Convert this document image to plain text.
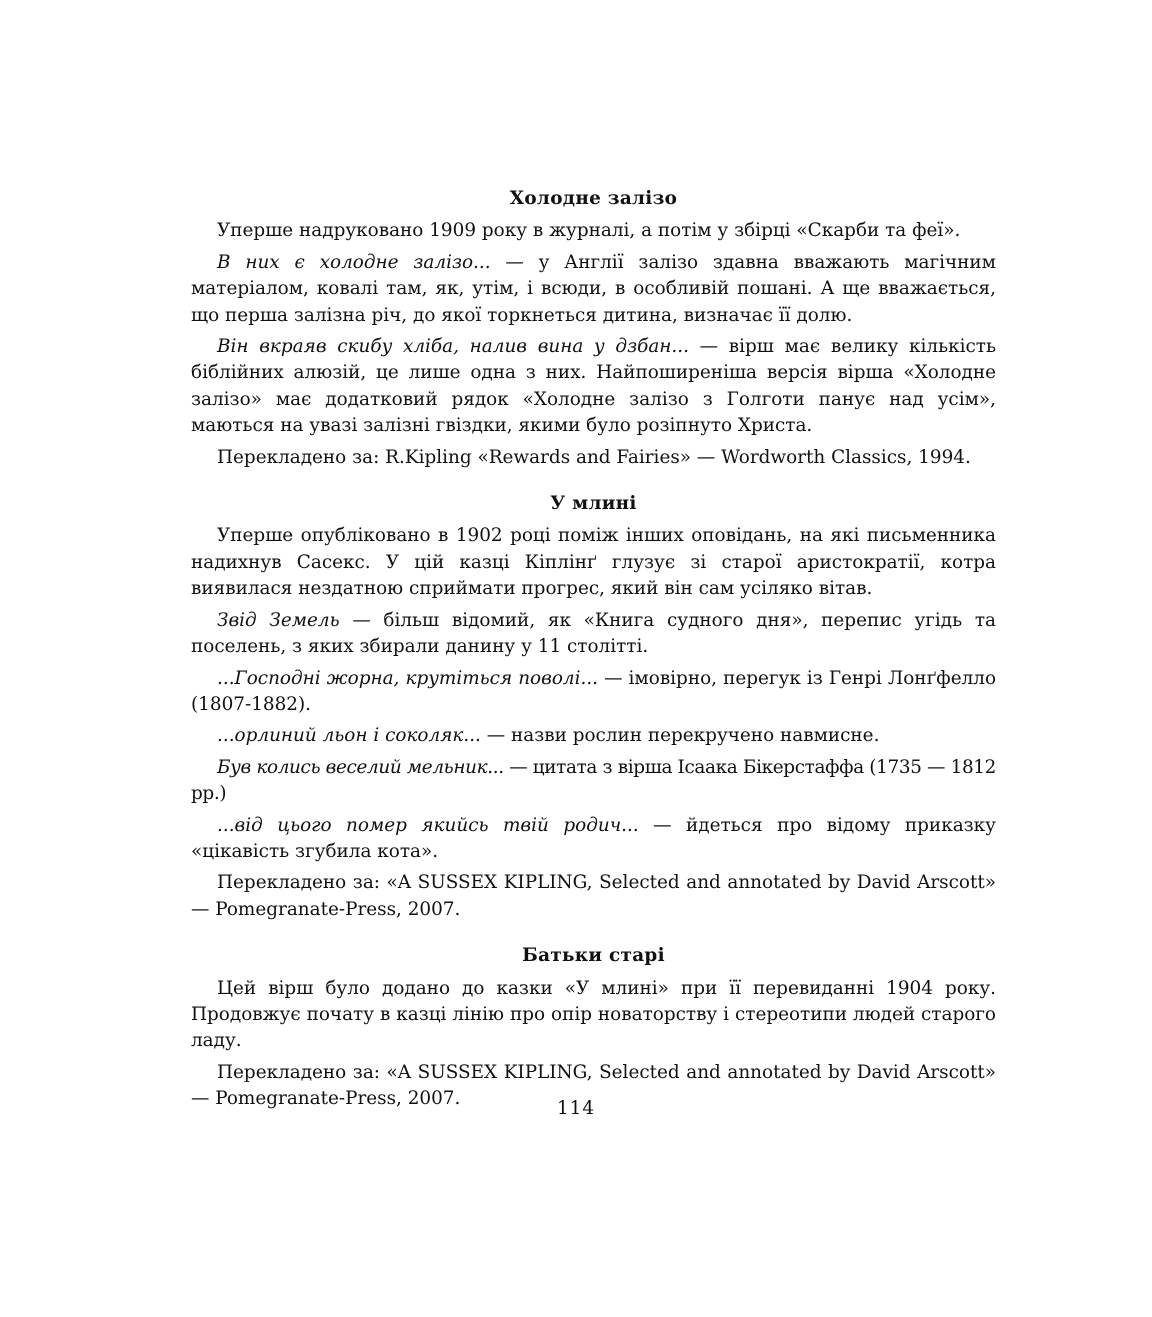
Холодне залізо

Уперше надруковано 1909 року в журналі, а потім у збірці «Скарби та феї».

В них є холодне залізо... — у Англії залізо здавна вважають магічним матеріалом, ковалі там, як, утім, і всюди, в особливій пошані. А ще вважається, що перша залізна річ, до якої торкнеться дитина, визначає її долю.

Він вкраяв скибу хліба, налив вина у дзбан... — вірш має велику кількість біблійних алюзій, це лише одна з них. Найпоширеніша версія вірша «Холодне залізо» має додатковий рядок «Холодне залізо з Голготи панує над усім», маються на увазі залізні гвіздки, якими було розіпнуто Христа.

Перекладено за: R.Kipling «Rewards and Fairies» — Wordworth Classics, 1994.

У млині

Уперше опубліковано в 1902 році поміж інших оповідань, на які письменника надихнув Сасекс. У цій казці Кіплінґ глузує зі старої аристократії, котра виявилася нездатною сприймати прогрес, який він сам усіляко вітав.

Звід Земель — більш відомий, як «Книга судного дня», перепис угідь та поселень, з яких збирали данину у 11 столітті.

...Господні жорна, крутіться поволі... — імовірно, перегук із Генрі Лонґфелло (1807-1882).

...орлиний льон і соколяк... — назви рослин перекручено навмисне.

Був колись веселий мельник... — цитата з вірша Ісаака Бікерстаффа (1735 — 1812 рр.)

...від цього помер якийсь твій родич... — йдеться про відому приказку «цікавість згубила кота».

Перекладено за: «A SUSSEX KIPLING, Selected and annotated by David Arscott» — Pomegranate-Press, 2007.

Батьки старі

Цей вірш було додано до казки «У млині» при її перевиданні 1904 року. Продовжує почату в казці лінію про опір новаторству і стереотипи людей старого ладу.

Перекладено за: «A SUSSEX KIPLING, Selected and annotated by David Arscott» — Pomegranate-Press, 2007.	114
